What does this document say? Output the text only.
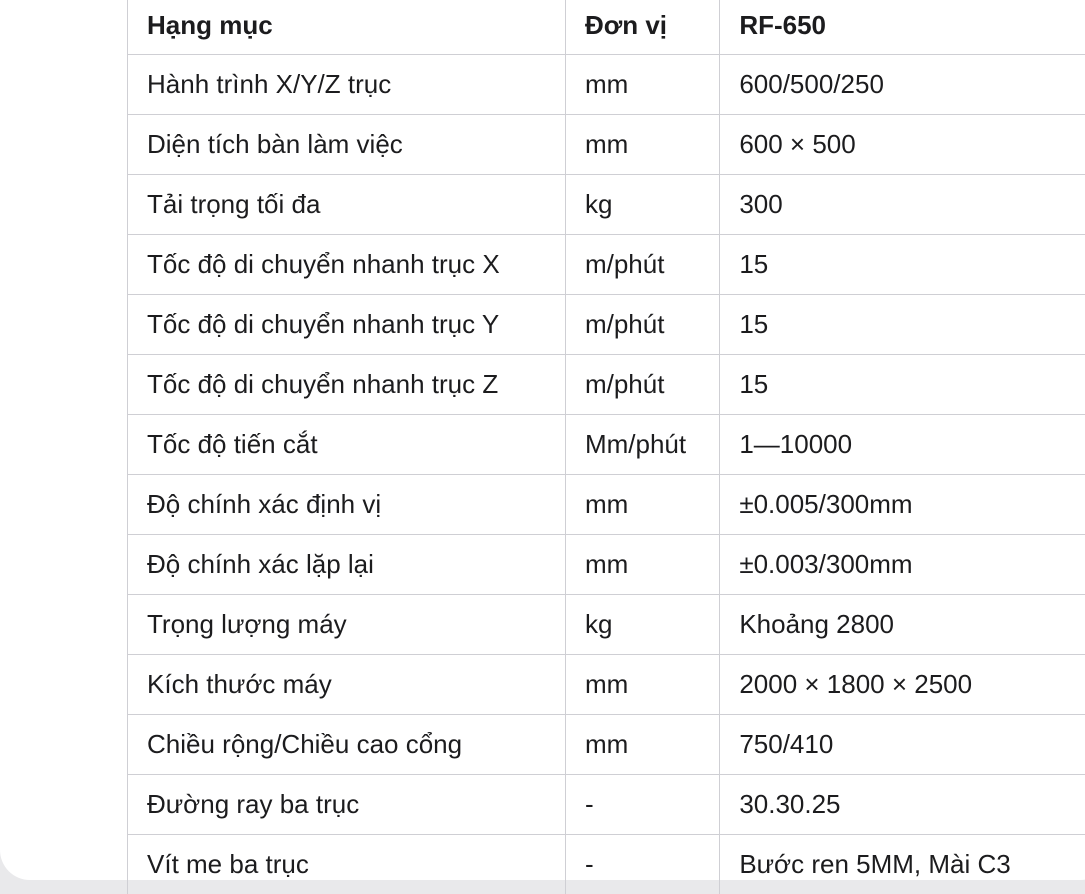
Hạng mục	Đơn vị	RF-650
Hành trình X/Y/Z trục	mm	600/500/250
Diện tích bàn làm việc	mm	600 × 500
Tải trọng tối đa	kg	300
Tốc độ di chuyển nhanh trục X	m/phút	15
Tốc độ di chuyển nhanh trục Y	m/phút	15
Tốc độ di chuyển nhanh trục Z	m/phút	15
Tốc độ tiến cắt	Mm/phút	1—10000
Độ chính xác định vị	mm	±0.005/300mm
Độ chính xác lặp lại	mm	±0.003/300mm
Trọng lượng máy	kg	Khoảng 2800
Kích thước máy	mm	2000 × 1800 × 2500
Chiều rộng/Chiều cao cổng	mm	750/410
Đường ray ba trục	-	30.30.25
Vít me ba trục	-	Bước ren 5MM, Mài C3
